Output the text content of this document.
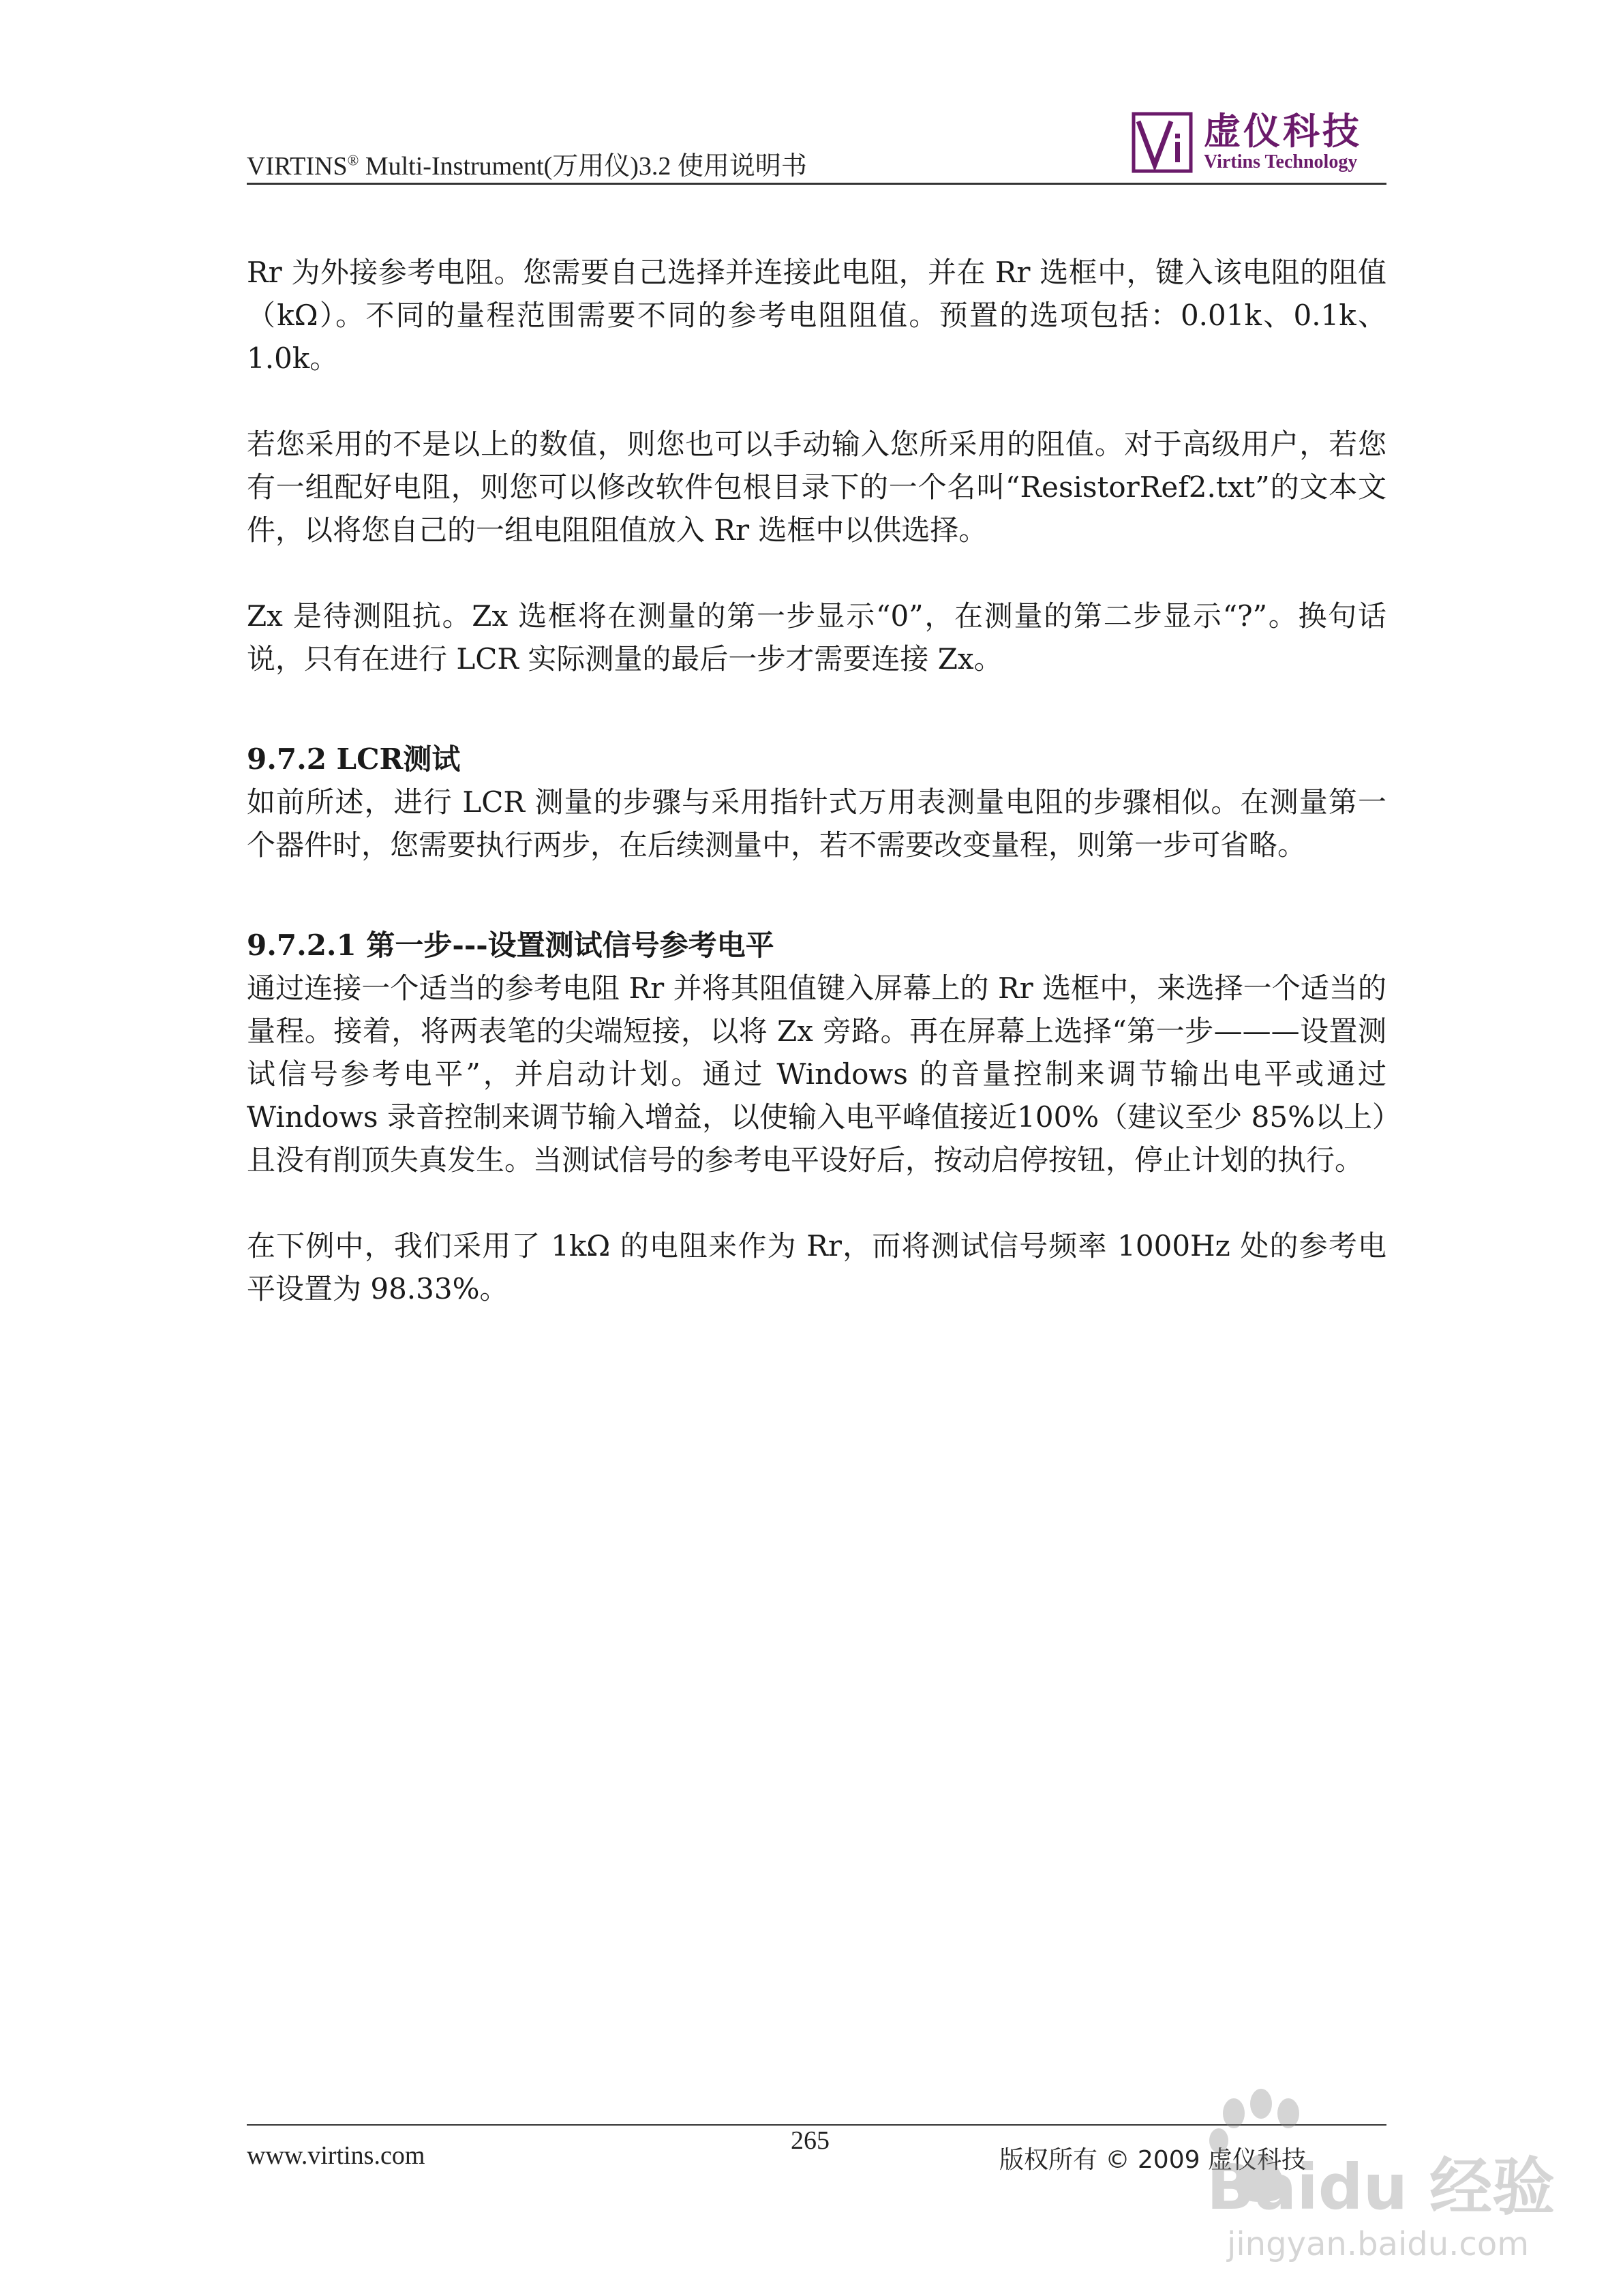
VIRTINS® Multi-Instrument(万用仪)3.2 使用说明书
虚仪科技
Virtins Technology

Rr 为外接参考电阻。您需要自己选择并连接此电阻，并在 Rr 选框中，键入该电阻的阻值（kΩ）。不同的量程范围需要不同的参考电阻阻值。预置的选项包括：0.01k、0.1k、1.0k。

若您采用的不是以上的数值，则您也可以手动输入您所采用的阻值。对于高级用户，若您有一组配好电阻，则您可以修改软件包根目录下的一个名叫“ResistorRef2.txt”的文本文件，以将您自己的一组电阻阻值放入 Rr 选框中以供选择。

Zx 是待测阻抗。Zx 选框将在测量的第一步显示“0”，在测量的第二步显示“?”。换句话说，只有在进行 LCR 实际测量的最后一步才需要连接 Zx。

9.7.2 LCR测试

如前所述，进行 LCR 测量的步骤与采用指针式万用表测量电阻的步骤相似。在测量第一个器件时，您需要执行两步，在后续测量中，若不需要改变量程，则第一步可省略。

9.7.2.1 第一步---设置测试信号参考电平

通过连接一个适当的参考电阻 Rr 并将其阻值键入屏幕上的 Rr 选框中，来选择一个适当的量程。接着，将两表笔的尖端短接，以将 Zx 旁路。再在屏幕上选择“第一步———设置测试信号参考电平”，并启动计划。通过 Windows 的音量控制来调节输出电平或通过 Windows 录音控制来调节输入增益，以使输入电平峰值接近100%（建议至少 85%以上）且没有削顶失真发生。当测试信号的参考电平设好后，按动启停按钮，停止计划的执行。

在下例中，我们采用了 1kΩ 的电阻来作为 Rr，而将测试信号频率 1000Hz 处的参考电平设置为 98.33%。

265
www.virtins.com	版权所有 © 2009 虚仪科技
Baidu 经验
jingyan.baidu.com
